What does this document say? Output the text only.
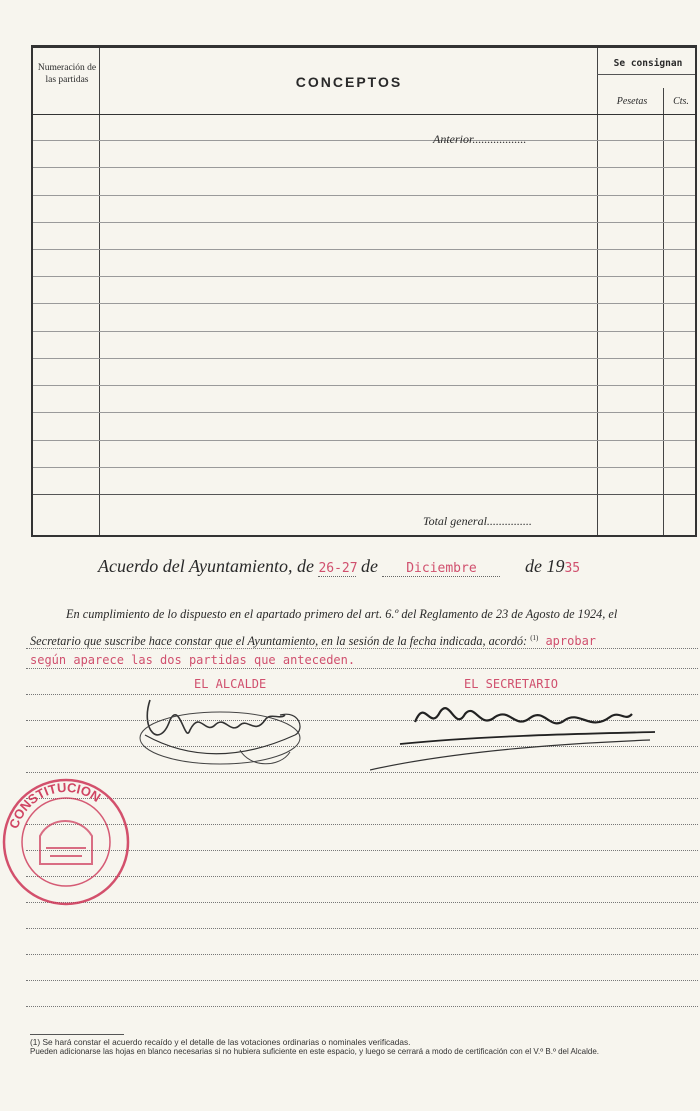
Numeración de las partidas	CONCEPTOS
Se consignan
Pesetas	Cts.
Anterior..................
Total general...............
Acuerdo del Ayuntamiento, de 26-27 de Diciembre	de 1935
En cumplimiento de lo dispuesto en el apartado primero del art. 6.º del Reglamento de 23 de Agosto de 1924, el
Secretario que suscribe hace constar que el Ayuntamiento, en la sesión de la fecha indicada, acordó: $^{(1)}$ aprobar
según aparece las dos partidas que anteceden.
EL ALCALDE	EL SECRETARIO
CONSTITUCION
(1) Se hará constar el acuerdo recaído y el detalle de las votaciones ordinarias o nominales verificadas.
Pueden adicionarse las hojas en blanco necesarias si no hubiera suficiente en este espacio, y luego se cerrará a modo de certificación con el V.º B.º del Alcalde.
